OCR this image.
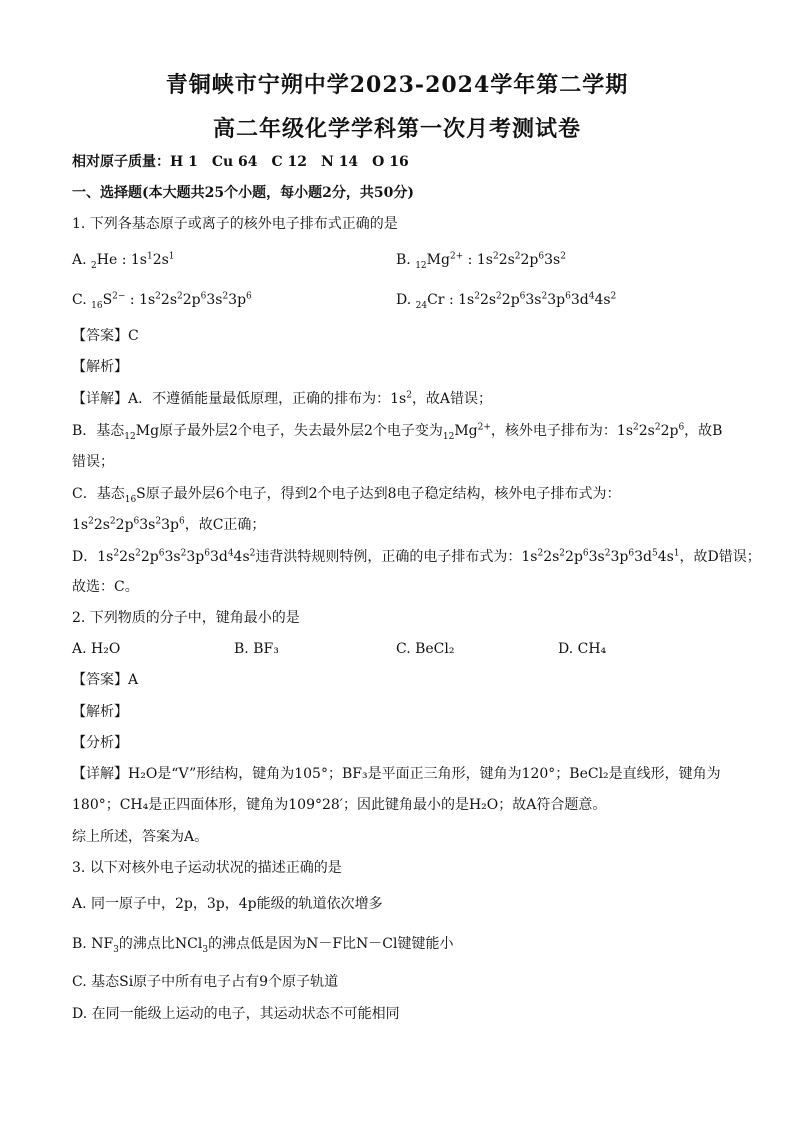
青铜峡市宁朔中学2023-2024学年第二学期
高二年级化学学科第一次月考测试卷
相对原子质量：H 1　Cu 64　C 12　N 14　O 16
一、选择题(本大题共25个小题，每小题2分，共50分)
1. 下列各基态原子或离子的核外电子排布式正确的是
A. $_2$He : $1s^12s^1$	B. $_{12}Mg^{2+}$ : $1s^22s^22p^63s^2$
C. $_{16}S^{2-}$ : $1s^22s^22p^63s^23p^6$	D. $_{24}$Cr : $1s^22s^22p^63s^23p^63d^44s^2$
【答案】C
【解析】
【详解】A．不遵循能量最低原理，正确的排布为：$1s^2$，故A错误；
B．基态$_{12}$Mg原子最外层2个电子，失去最外层2个电子变为$_{12}Mg^{2+}$，核外电子排布为：$1s^22s^22p^6$，故B
错误；
C．基态$_{16}$S原子最外层6个电子，得到2个电子达到8电子稳定结构，核外电子排布式为：
$1s^22s^22p^63s^23p^6$，故C正确；
D．$1s^22s^22p^63s^23p^63d^44s^2$违背洪特规则特例，正确的电子排布式为：$1s^22s^22p^63s^23p^63d^54s^1$，故D错误；
故选：C。
2. 下列物质的分子中，键角最小的是
A. H₂O	B. BF₃	C. BeCl₂	D. CH₄
【答案】A
【解析】
【分析】
【详解】H₂O是“V”形结构，键角为105°；BF₃是平面正三角形，键角为120°；BeCl₂是直线形，键角为
180°；CH₄是正四面体形，键角为109°28′；因此键角最小的是H₂O；故A符合题意。
综上所述，答案为A。
3. 以下对核外电子运动状况的描述正确的是
A. 同一原子中，2p，3p，4p能级的轨道依次增多
B. $NF_3$的沸点比NCl$_3$的沸点低是因为N－F比N－Cl键键能小
C. 基态Si原子中所有电子占有9个原子轨道
D. 在同一能级上运动的电子，其运动状态不可能相同
